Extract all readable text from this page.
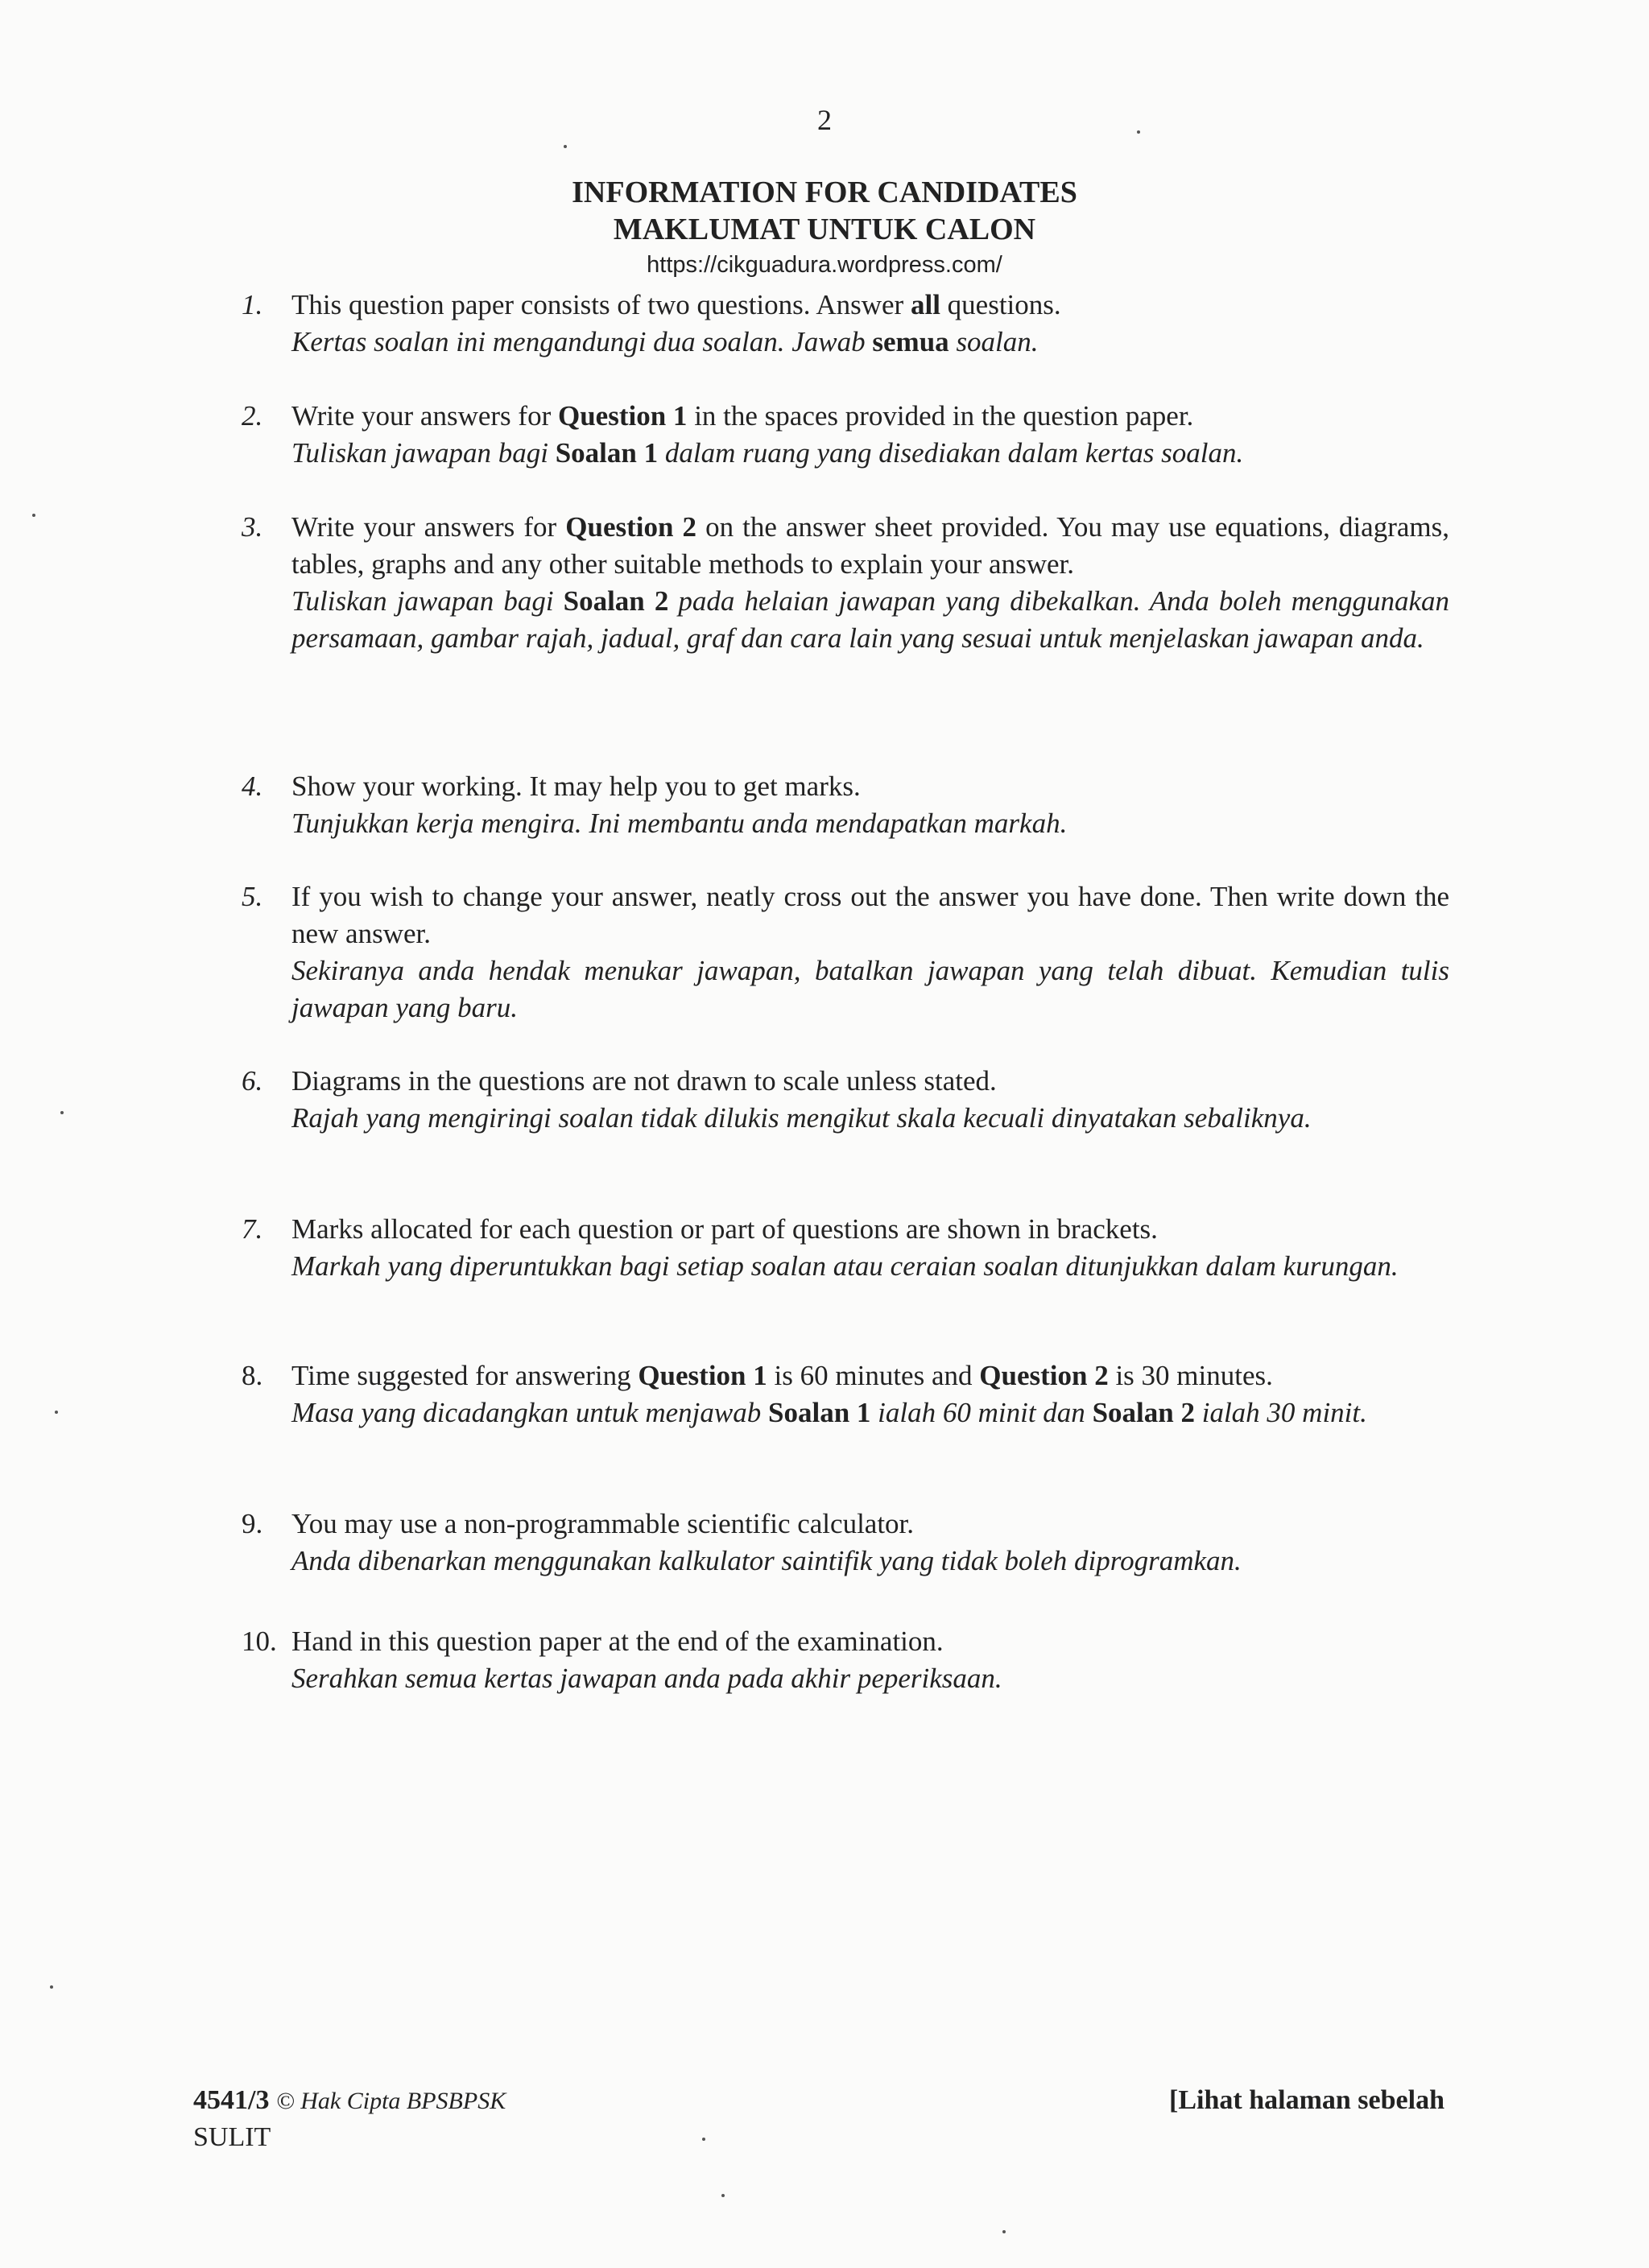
2
INFORMATION FOR CANDIDATES
MAKLUMAT UNTUK CALON
https://cikguadura.wordpress.com/
1.	This question paper consists of two questions. Answer all questions.
Kertas soalan ini mengandungi dua soalan. Jawab semua soalan.
2.	Write your answers for Question 1 in the spaces provided in the question paper.
Tuliskan jawapan bagi Soalan 1 dalam ruang yang disediakan dalam kertas soalan.
3.	Write your answers for Question 2 on the answer sheet provided. You may use equations, diagrams, tables, graphs and any other suitable methods to explain your answer.
Tuliskan jawapan bagi Soalan 2 pada helaian jawapan yang dibekalkan. Anda boleh menggunakan persamaan, gambar rajah, jadual, graf dan cara lain yang sesuai untuk menjelaskan jawapan anda.
4.	Show your working. It may help you to get marks.
Tunjukkan kerja mengira. Ini membantu anda mendapatkan markah.
5.	If you wish to change your answer, neatly cross out the answer you have done. Then write down the new answer.
Sekiranya anda hendak menukar jawapan, batalkan jawapan yang telah dibuat. Kemudian tulis jawapan yang baru.
6.	Diagrams in the questions are not drawn to scale unless stated.
Rajah yang mengiringi soalan tidak dilukis mengikut skala kecuali dinyatakan sebaliknya.
7.	Marks allocated for each question or part of questions are shown in brackets.
Markah yang diperuntukkan bagi setiap soalan atau ceraian soalan ditunjukkan dalam kurungan.
8.	Time suggested for answering Question 1 is 60 minutes and Question 2 is 30 minutes.
Masa yang dicadangkan untuk menjawab Soalan 1 ialah 60 minit dan Soalan 2 ialah 30 minit.
9.	You may use a non-programmable scientific calculator.
Anda dibenarkan menggunakan kalkulator saintifik yang tidak boleh diprogramkan.
10. Hand in this question paper at the end of the examination.
Serahkan semua kertas jawapan anda pada akhir peperiksaan.
4541/3 © Hak Cipta BPSBPSK
SULIT
[Lihat halaman sebelah
